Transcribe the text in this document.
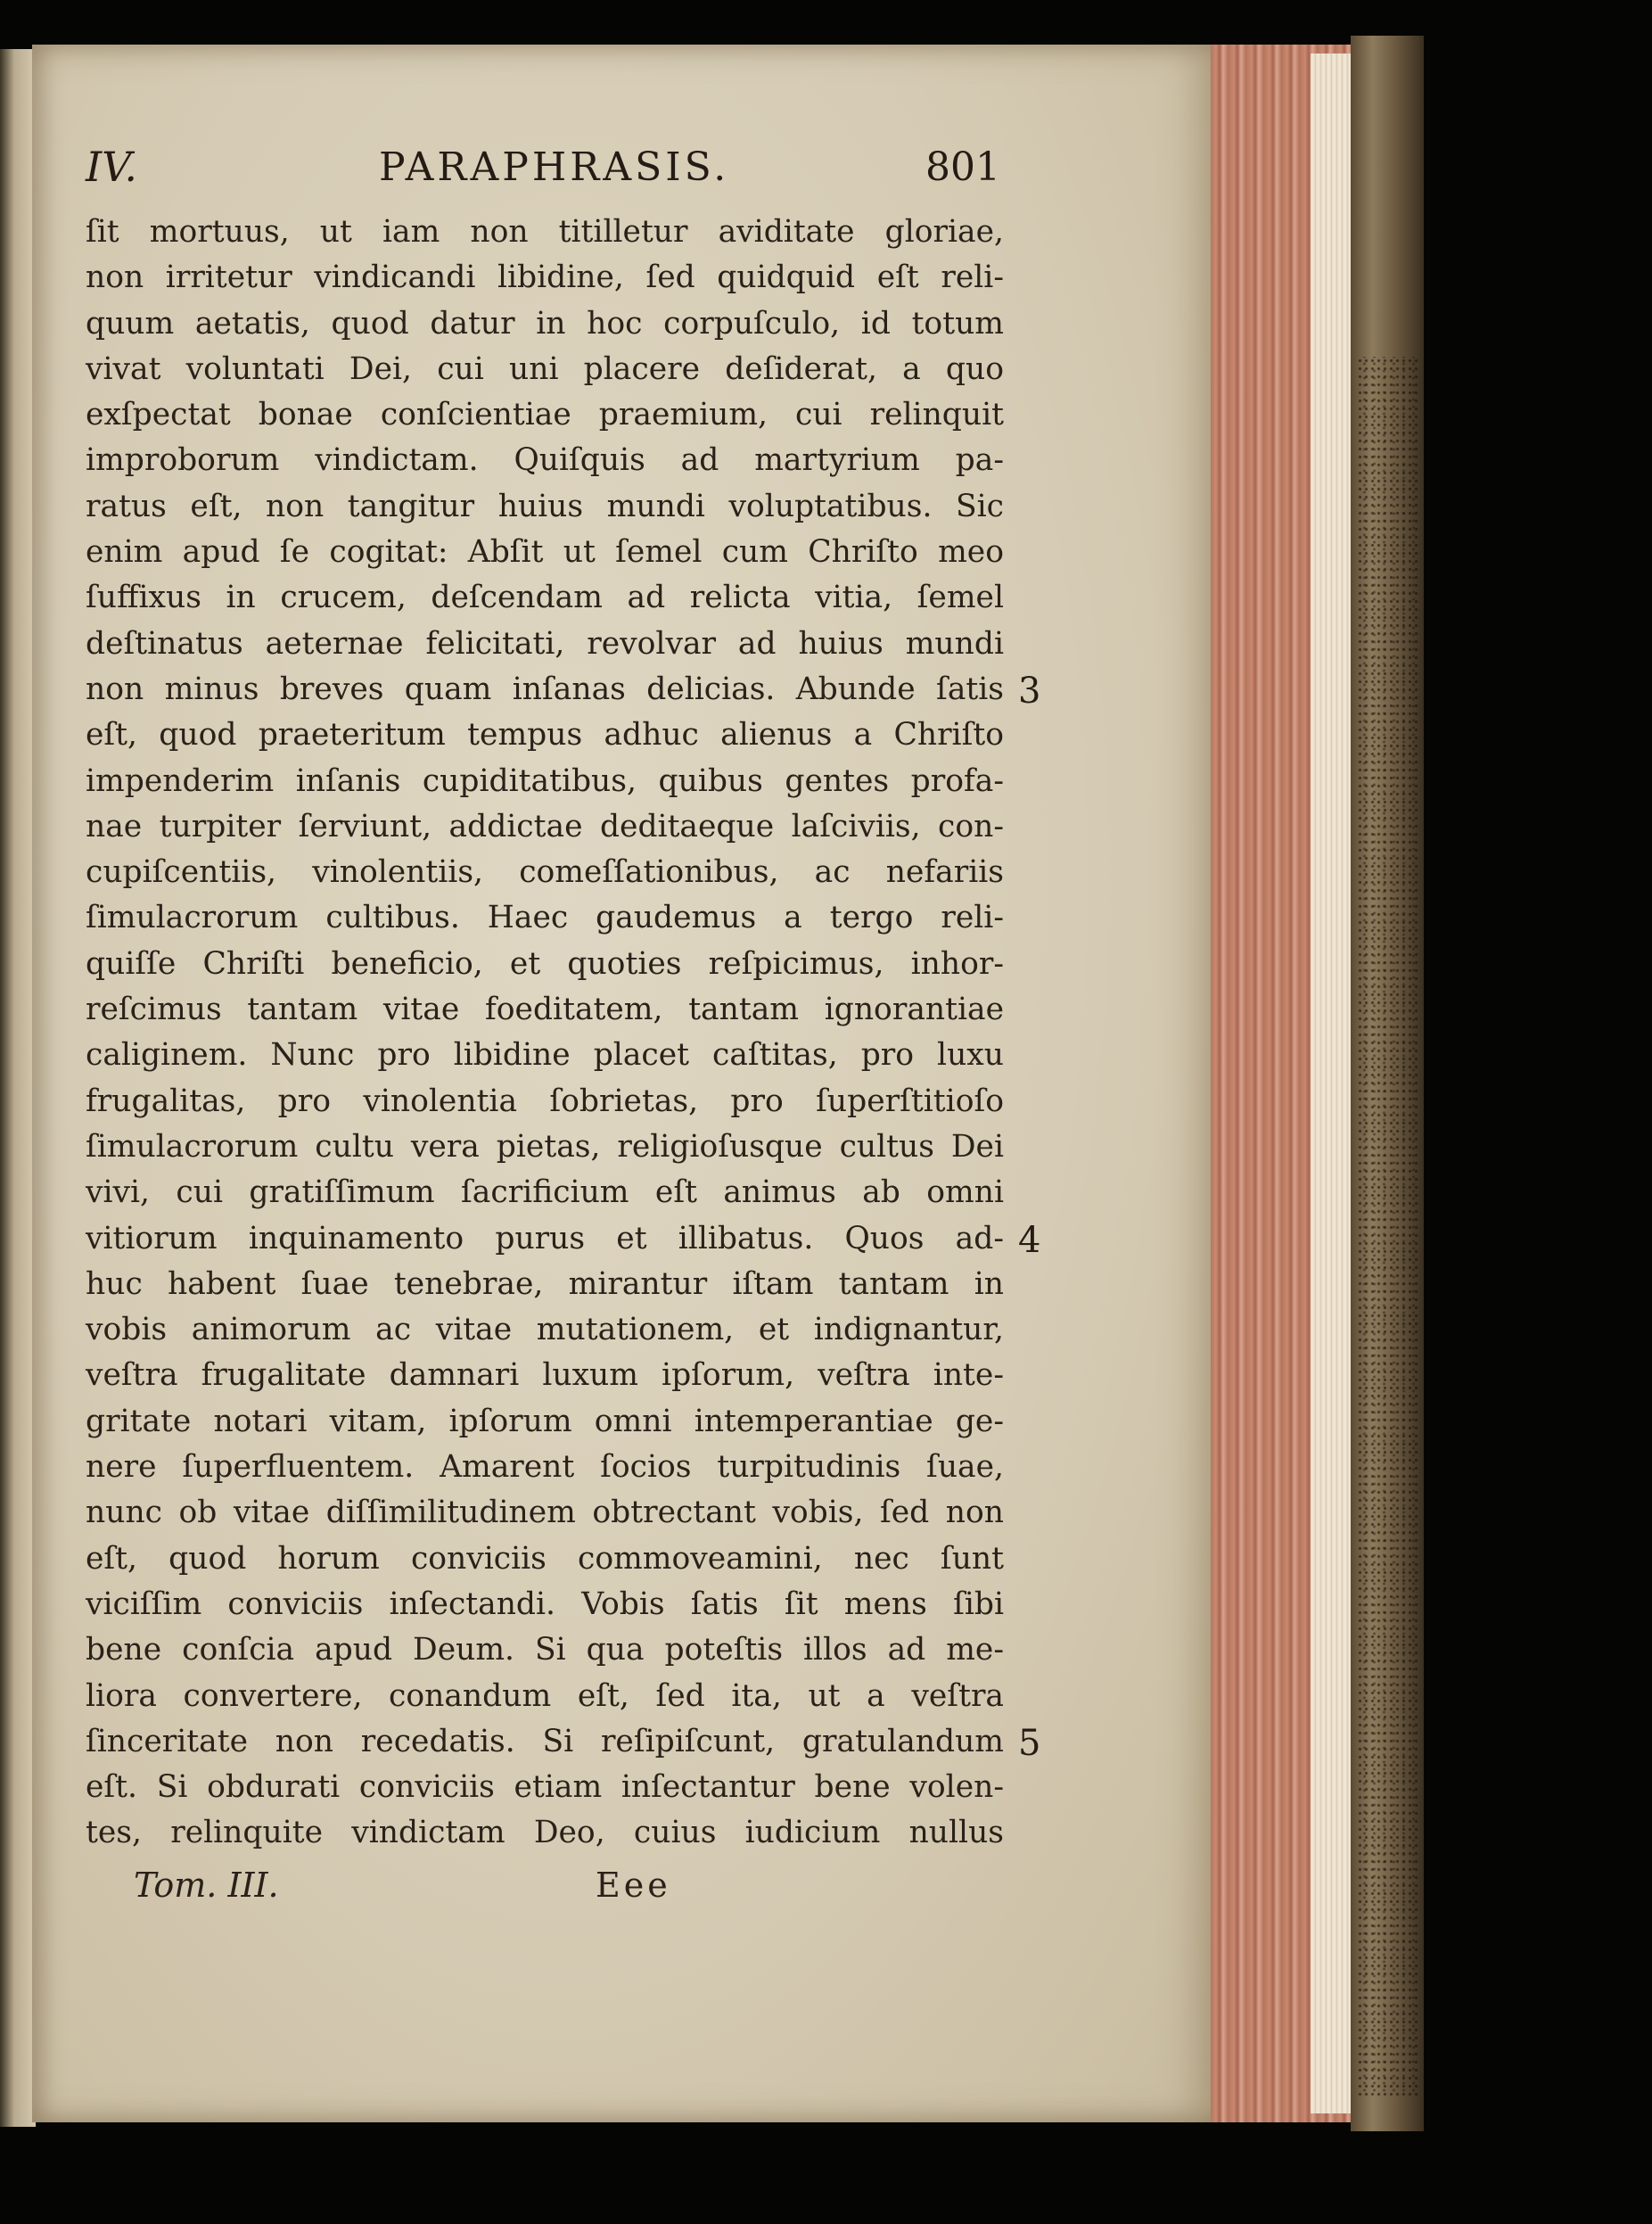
IV.	PARAPHRASIS.	801
ſit mortuus, ut iam non titilletur aviditate gloriae,
non irritetur vindicandi libidine, ſed quidquid eſt reli-
quum aetatis, quod datur in hoc corpuſculo, id totum
vivat voluntati Dei, cui uni placere deſiderat, a quo
exſpectat bonae conſcientiae praemium, cui relinquit
improborum vindictam. Quiſquis ad martyrium pa-
ratus eſt, non tangitur huius mundi voluptatibus. Sic
enim apud ſe cogitat: Abſit ut ſemel cum Chriſto meo
ſuffixus in crucem, deſcendam ad relicta vitia, ſemel
deſtinatus aeternae felicitati, revolvar ad huius mundi
non minus breves quam inſanas delicias. Abunde ſatis
eſt, quod praeteritum tempus adhuc alienus a Chriſto
impenderim inſanis cupiditatibus, quibus gentes profa-
nae turpiter ſerviunt, addictae deditaeque laſciviis, con-
cupiſcentiis, vinolentiis, comeſſationibus, ac nefariis
ſimulacrorum cultibus. Haec gaudemus a tergo reli-
quiſſe Chriſti beneficio, et quoties reſpicimus, inhor-
reſcimus tantam vitae foeditatem, tantam ignorantiae
caliginem. Nunc pro libidine placet caſtitas, pro luxu
frugalitas, pro vinolentia ſobrietas, pro ſuperſtitioſo
ſimulacrorum cultu vera pietas, religioſusque cultus Dei
vivi, cui gratiſſimum ſacrificium eſt animus ab omni
vitiorum inquinamento purus et illibatus. Quos ad-
huc habent ſuae tenebrae, mirantur iſtam tantam in
vobis animorum ac vitae mutationem, et indignantur,
veſtra frugalitate damnari luxum ipſorum, veſtra inte-
gritate notari vitam, ipſorum omni intemperantiae ge-
nere ſuperfluentem. Amarent ſocios turpitudinis ſuae,
nunc ob vitae diſſimilitudinem obtrectant vobis, ſed non
eſt, quod horum conviciis commoveamini, nec ſunt
viciſſim conviciis inſectandi. Vobis ſatis ſit mens ſibi
bene conſcia apud Deum. Si qua poteſtis illos ad me-
liora convertere, conandum eſt, ſed ita, ut a veſtra
ſinceritate non recedatis. Si reſipiſcunt, gratulandum
eſt. Si obdurati conviciis etiam inſectantur bene volen-
tes, relinquite vindictam Deo, cuius iudicium nullus
3
4
5
Tom. III.	Eee
